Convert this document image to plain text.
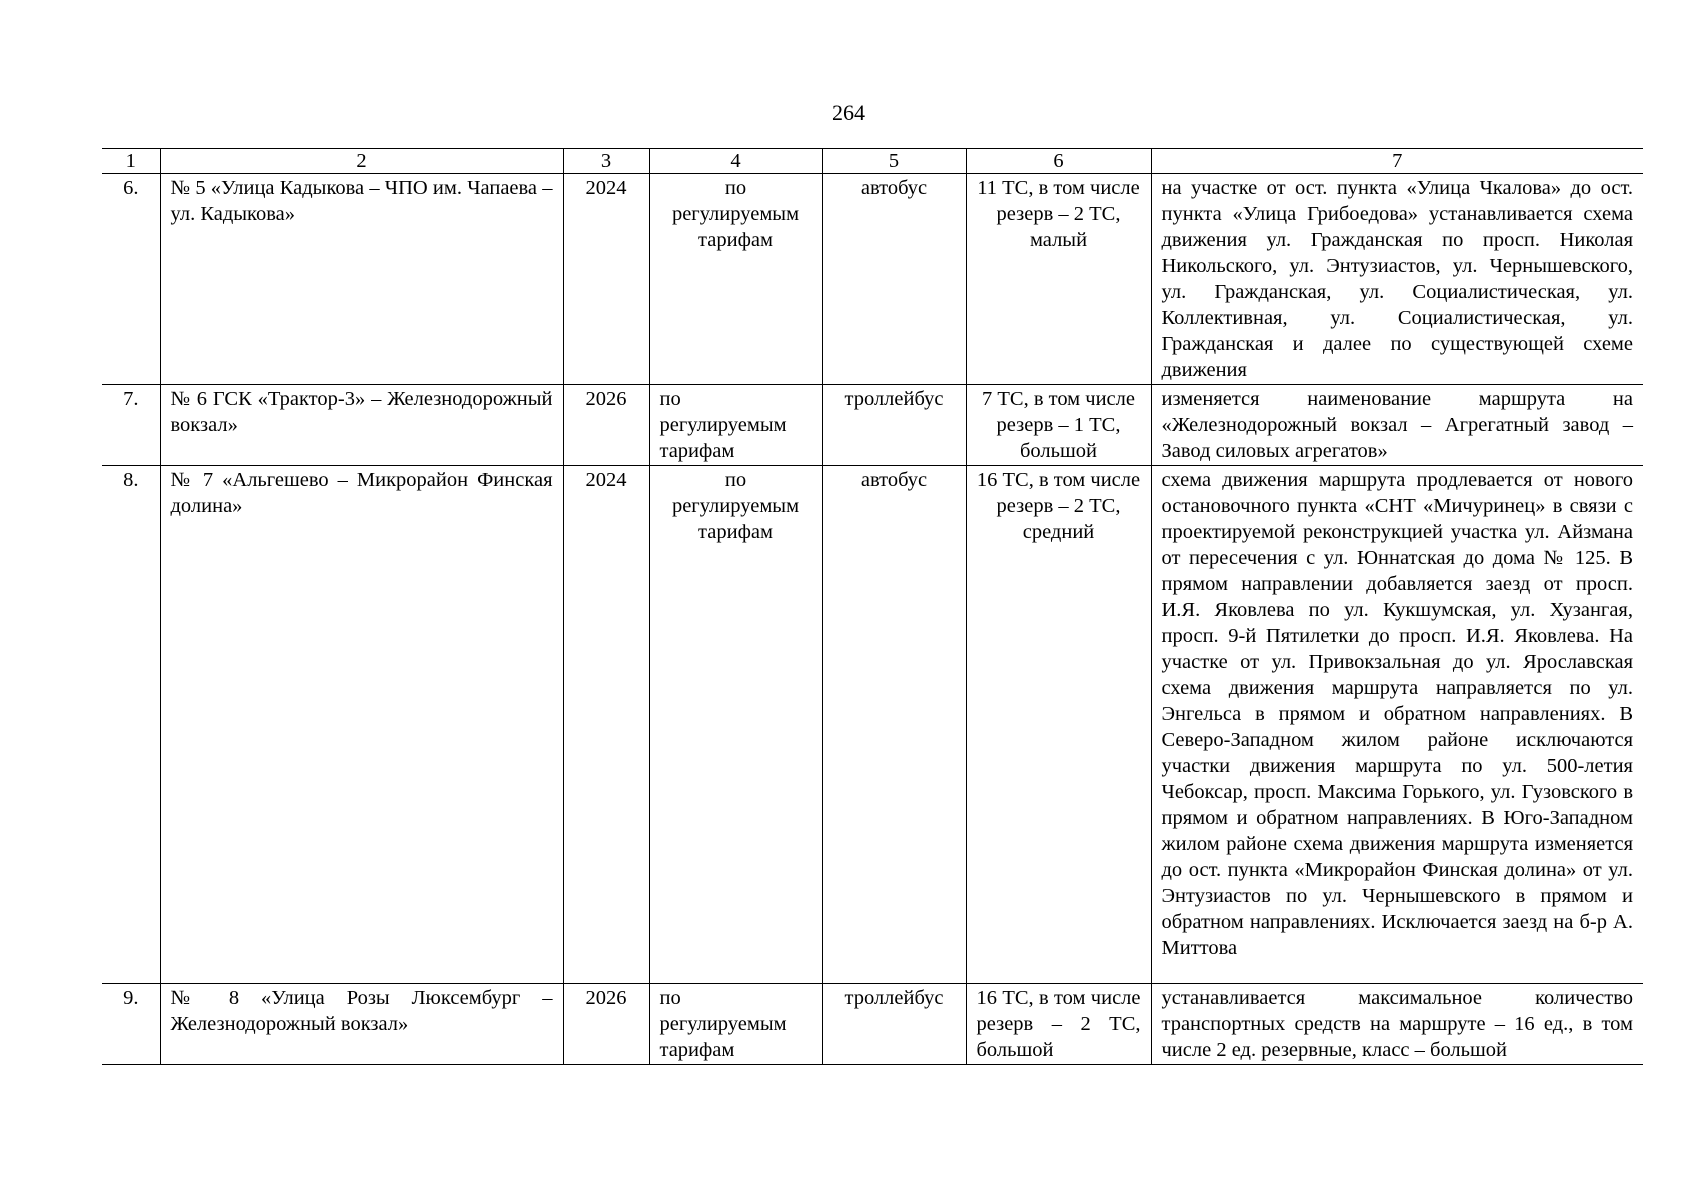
264
1	2	3	4	5	6	7
6.	№ 5 «Улица Кадыкова – ЧПО им. Чапаева – ул. Кадыкова»	2024	по регулируемым тарифам	автобус	11 ТС, в том числе резерв – 2 ТС, малый	на участке от ост. пункта «Улица Чкалова» до ост. пункта «Улица Грибоедова» устанавливается схема движения ул. Гражданская по просп. Николая Никольского, ул. Энтузиастов, ул. Чернышевского, ул. Гражданская, ул. Социалистическая, ул. Коллективная, ул. Социалистическая, ул. Гражданская и далее по существующей схеме движения
7.	№ 6 ГСК «Трактор-3» – Железнодорожный вокзал»	2026	по регулируемым тарифам	троллейбус	7 ТС, в том числе резерв – 1 ТС, большой	изменяется наименование маршрута на «Железнодорожный вокзал – Агрегатный завод – Завод силовых агрегатов»
8.	№ 7 «Альгешево – Микрорайон Финская долина»	2024	по регулируемым тарифам	автобус	16 ТС, в том числе резерв – 2 ТС, средний	схема движения маршрута продлевается от нового остановочного пункта «СНТ «Мичуринец» в связи с проектируемой реконструкцией участка ул. Айзмана от пересечения с ул. Юннатская до дома № 125. В прямом направлении добавляется заезд от просп. И.Я. Яковлева по ул. Кукшумская, ул. Хузангая, просп. 9-й Пятилетки до просп. И.Я. Яковлева. На участке от ул. Привокзальная до ул. Ярославская схема движения маршрута направляется по ул. Энгельса в прямом и обратном направлениях. В Северо-Западном жилом районе исключаются участки движения маршрута по ул. 500-летия Чебоксар, просп. Максима Горького, ул. Гузовского в прямом и обратном направлениях. В Юго-Западном жилом районе схема движения маршрута изменяется до ост. пункта «Микрорайон Финская долина» от ул. Энтузиастов по ул. Чернышевского в прямом и обратном направлениях. Исключается заезд на б-р А. Миттова
9.	№ 8 «Улица Розы Люксембург – Железнодорожный вокзал»	2026	по регулируемым тарифам	троллейбус	16 ТС, в том числе резерв – 2 ТС, большой	устанавливается максимальное количество транспортных средств на маршруте – 16 ед., в том числе 2 ед. резервные, класс – большой
